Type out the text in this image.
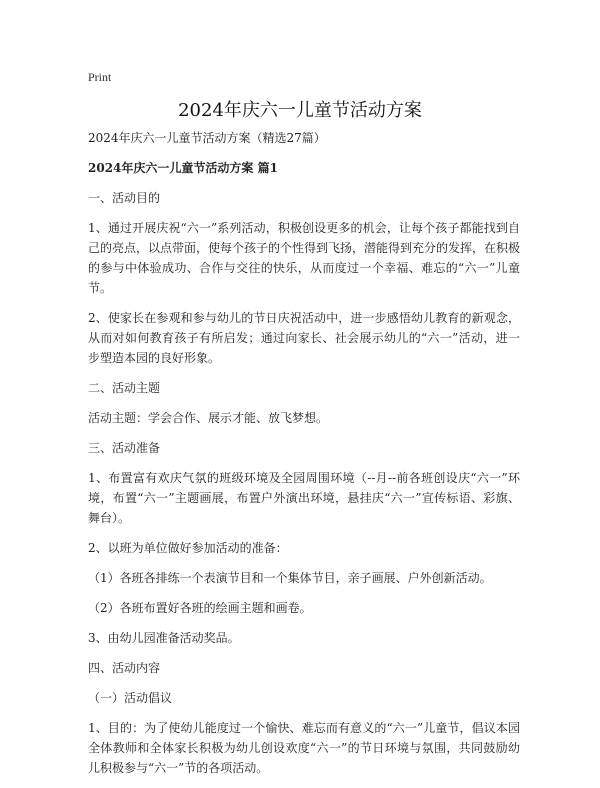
Print
2024年庆六一儿童节活动方案

2024年庆六一儿童节活动方案（精选27篇）

2024年庆六一儿童节活动方案 篇1

一、活动目的

1、通过开展庆祝“六一”系列活动，积极创设更多的机会，让每个孩子都能找到自己的亮点，以点带面，使每个孩子的个性得到飞扬，潜能得到充分的发挥，在积极的参与中体验成功、合作与交往的快乐，从而度过一个幸福、难忘的“六一”儿童节。

2、使家长在参观和参与幼儿的节日庆祝活动中，进一步感悟幼儿教育的新观念，从而对如何教育孩子有所启发；通过向家长、社会展示幼儿的“六一”活动，进一步塑造本园的良好形象。

二、活动主题

活动主题：学会合作、展示才能、放飞梦想。

三、活动准备

1、布置富有欢庆气氛的班级环境及全园周围环境（--月--前各班创设庆“六一”环境，布置“六一”主题画展，布置户外演出环境，悬挂庆“六一”宣传标语、彩旗、舞台）。

2、以班为单位做好参加活动的准备：

（1）各班各排练一个表演节目和一个集体节目，亲子画展、户外创新活动。

（2）各班布置好各班的绘画主题和画卷。

3、由幼儿园准备活动奖品。

四、活动内容

（一）活动倡议

1、目的：为了使幼儿能度过一个愉快、难忘而有意义的“六一”儿童节，倡议本园全体教师和全体家长积极为幼儿创设欢度“六一”的节日环境与氛围，共同鼓励幼儿积极参与“六一”节的各项活动。
